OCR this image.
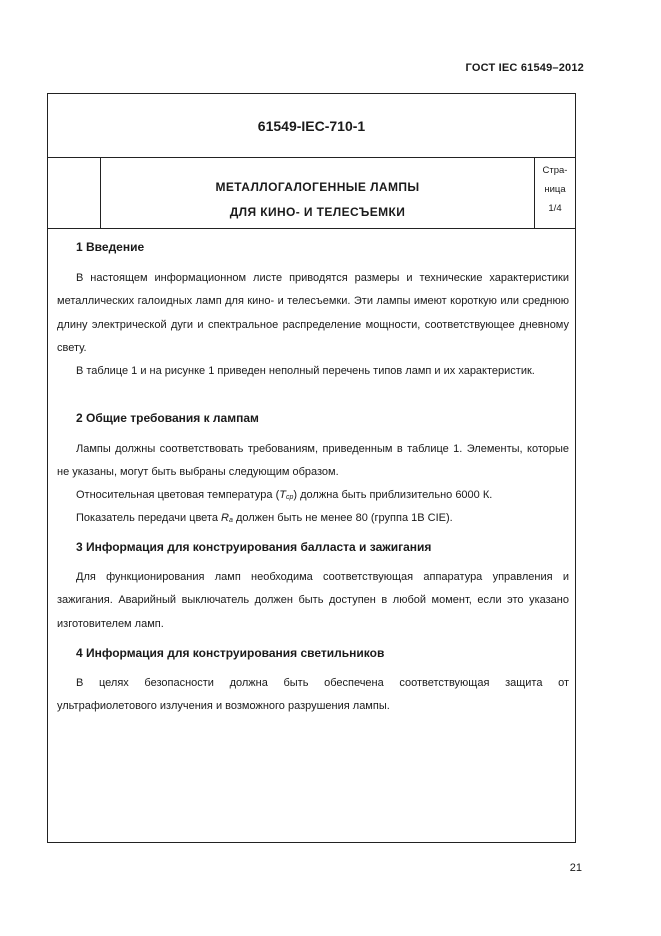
ГОСТ IEC 61549–2012
61549-IEC-710-1
МЕТАЛЛОГАЛОГЕННЫЕ ЛАМПЫ
ДЛЯ КИНО- И ТЕЛЕСЪЕМКИ
Стра-
ница
1/4
1 Введение
В настоящем информационном листе приводятся размеры и технические характеристики металлических галоидных ламп для кино- и телесъемки. Эти лампы имеют короткую или среднюю длину электрической дуги и спектральное распределение мощности, соответствующее дневному свету.
В таблице 1 и на рисунке 1 приведен неполный перечень типов ламп и их характеристик.
2 Общие требования к лампам
Лампы должны соответствовать требованиям, приведенным в таблице 1. Элементы, которые не указаны, могут быть выбраны следующим образом.
Относительная цветовая температура (Tcp) должна быть приблизительно 6000 К.
Показатель передачи цвета Ra должен быть не менее 80 (группа 1B CIE).
3 Информация для конструирования балласта и зажигания
Для функционирования ламп необходима соответствующая аппаратура управления и зажигания. Аварийный выключатель должен быть доступен в любой момент, если это указано изготовителем ламп.
4 Информация для конструирования светильников
В целях безопасности должна быть обеспечена соответствующая защита от ультрафиолетового излучения и возможного разрушения лампы.
21
